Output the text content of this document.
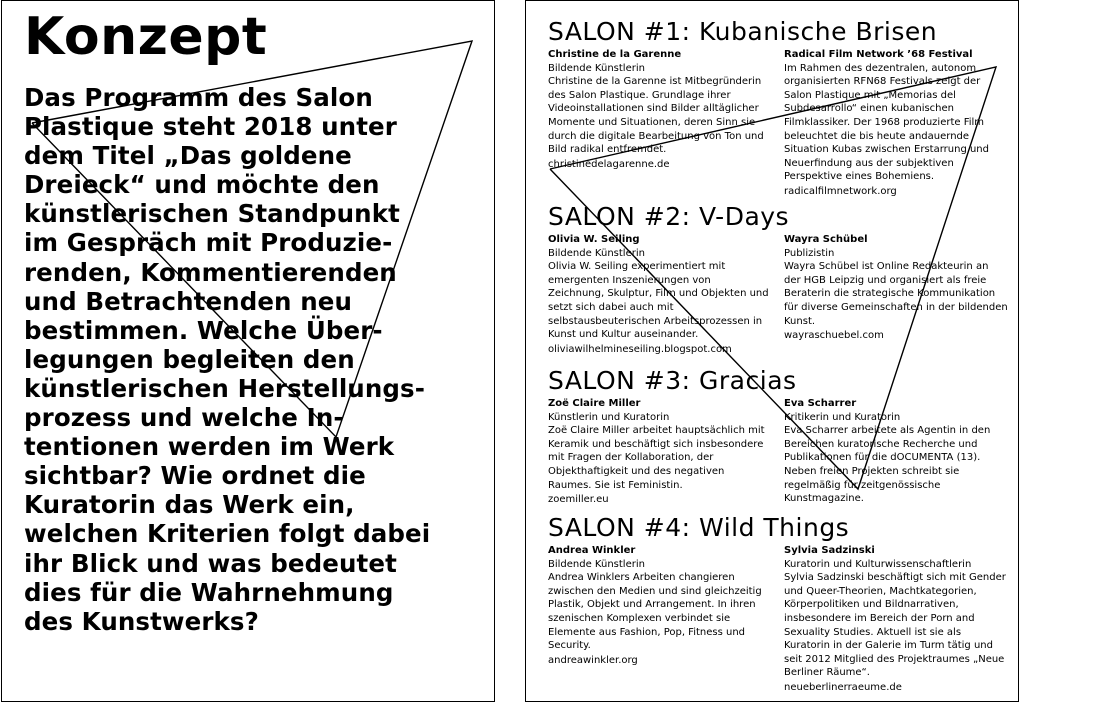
Konzept
Das Programm des Salon
Plastique steht 2018 unter
dem Titel „Das goldene
Dreieck“ und möchte den
künstlerischen Standpunkt
im Gespräch mit Produzie-
renden, Kommentierenden
und Betrachtenden neu
bestimmen. Welche Über-
legungen begleiten den
künstlerischen Herstellungs-
prozess und welche In-
tentionen werden im Werk
sichtbar? Wie ordnet die
Kuratorin das Werk ein,
welchen Kriterien folgt dabei
ihr Blick und was bedeutet
dies für die Wahrnehmung
des Kunstwerks?
SALON #1: Kubanische Brisen
Christine de la Garenne
Bildende Künstlerin
Christine de la Garenne ist Mitbegründerin des Salon Plastique. Grundlage ihrer Videoinstallationen sind Bilder alltäglicher Momente und Situationen, deren Sinn sie durch die digitale Bearbeitung von Ton und Bild radikal entfremdet.
christinedelagarenne.de
Radical Film Network ’68 Festival
Im Rahmen des dezentralen, autonom organisierten RFN68 Festivals zeigt der Salon Plastique mit „Memorias del Subdesarrollo“ einen kubanischen Filmklassiker. Der 1968 produzierte Film beleuchtet die bis heute andauernde Situation Kubas zwischen Erstarrung und Neuerfindung aus der subjektiven Perspektive eines Bohemiens.
radicalfilmnetwork.org
SALON #2: V-Days
Olivia W. Seiling
Bildende Künstlerin
Olivia W. Seiling experimentiert mit emergenten Inszenierungen von Zeichnung, Skulptur, Film und Objekten und setzt sich dabei auch mit selbstausbeuterischen Arbeitsprozessen in Kunst und Kultur auseinander.
oliviawilhelmineseiling.blogspot.com
Wayra Schübel
Publizistin
Wayra Schübel ist Online Redakteurin an der HGB Leipzig und organisiert als freie Beraterin die strategische Kommunikation für diverse Gemeinschaften in der bildenden Kunst.
wayraschuebel.com
SALON #3: Gracias
Zoë Claire Miller
Künstlerin und Kuratorin
Zoë Claire Miller arbeitet hauptsächlich mit Keramik und beschäftigt sich insbesondere mit Fragen der Kollaboration, der Objekthaftigkeit und des negativen Raumes. Sie ist Feministin.
zoemiller.eu
Eva Scharrer
Kritikerin und Kuratorin
Eva Scharrer arbeitete als Agentin in den Bereichen kuratorische Recherche und Publikationen für die dOCUMENTA (13). Neben freien Projekten schreibt sie regelmäßig für zeitgenössische Kunstmagazine.
SALON #4: Wild Things
Andrea Winkler
Bildende Künstlerin
Andrea Winklers Arbeiten changieren zwischen den Medien und sind gleichzeitig Plastik, Objekt und Arrangement. In ihren szenischen Komplexen verbindet sie Elemente aus Fashion, Pop, Fitness und Security.
andreawinkler.org
Sylvia Sadzinski
Kuratorin und Kulturwissenschaftlerin
Sylvia Sadzinski beschäftigt sich mit Gender und Queer-Theorien, Machtkategorien, Körperpolitiken und Bildnarrativen, insbesondere im Bereich der Porn and Sexuality Studies. Aktuell ist sie als Kuratorin in der Galerie im Turm tätig und seit 2012 Mitglied des Projektraumes „Neue Berliner Räume“.
neueberlinerraeume.de
